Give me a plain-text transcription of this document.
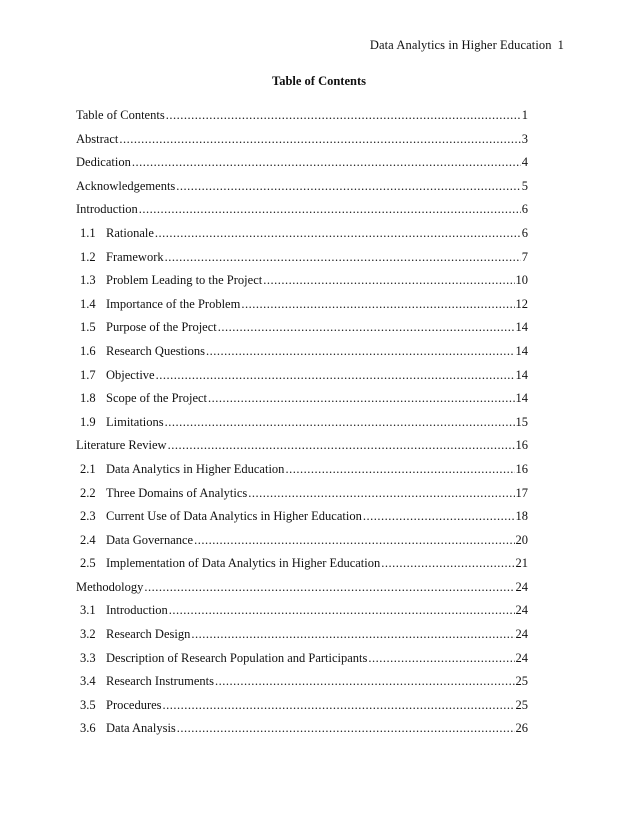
Data Analytics in Higher Education 1
Table of Contents
Table of Contents .....	1
Abstract .....	3
Dedication .....	4
Acknowledgements .....	5
Introduction .....	6
1.1 Rationale .....	6
1.2 Framework .....	7
1.3 Problem Leading to the Project .....	10
1.4 Importance of the Problem .....	12
1.5 Purpose of the Project .....	14
1.6 Research Questions .....	14
1.7 Objective .....	14
1.8 Scope of the Project .....	14
1.9 Limitations .....	15
Literature Review .....	16
2.1 Data Analytics in Higher Education .....	16
2.2 Three Domains of Analytics .....	17
2.3 Current Use of Data Analytics in Higher Education .....	18
2.4 Data Governance .....	20
2.5 Implementation of Data Analytics in Higher Education .....	21
Methodology .....	24
3.1 Introduction .....	24
3.2 Research Design .....	24
3.3 Description of Research Population and Participants .....	24
3.4 Research Instruments .....	25
3.5 Procedures .....	25
3.6 Data Analysis .....	26
